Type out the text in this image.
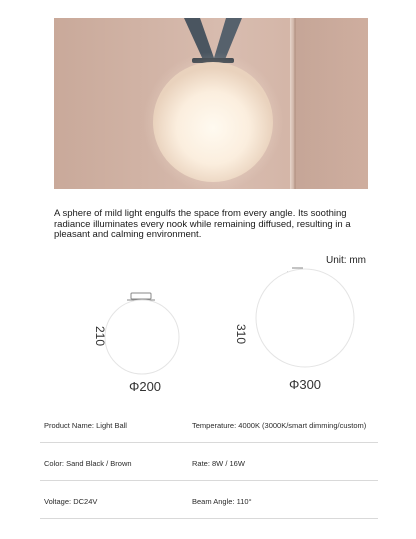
A sphere of mild light engulfs the space from every angle. Its soothing radiance illuminates every nook while remaining diffused, resulting in a pleasant and calming environment.

Unit: mm
210
Φ200
310
Φ300
Product Name: Light Ball	Temperature: 4000K (3000K/smart dimming/custom)
Color: Sand Black / Brown	Rate: 8W / 16W
Voltage: DC24V	Beam Angle: 110°
